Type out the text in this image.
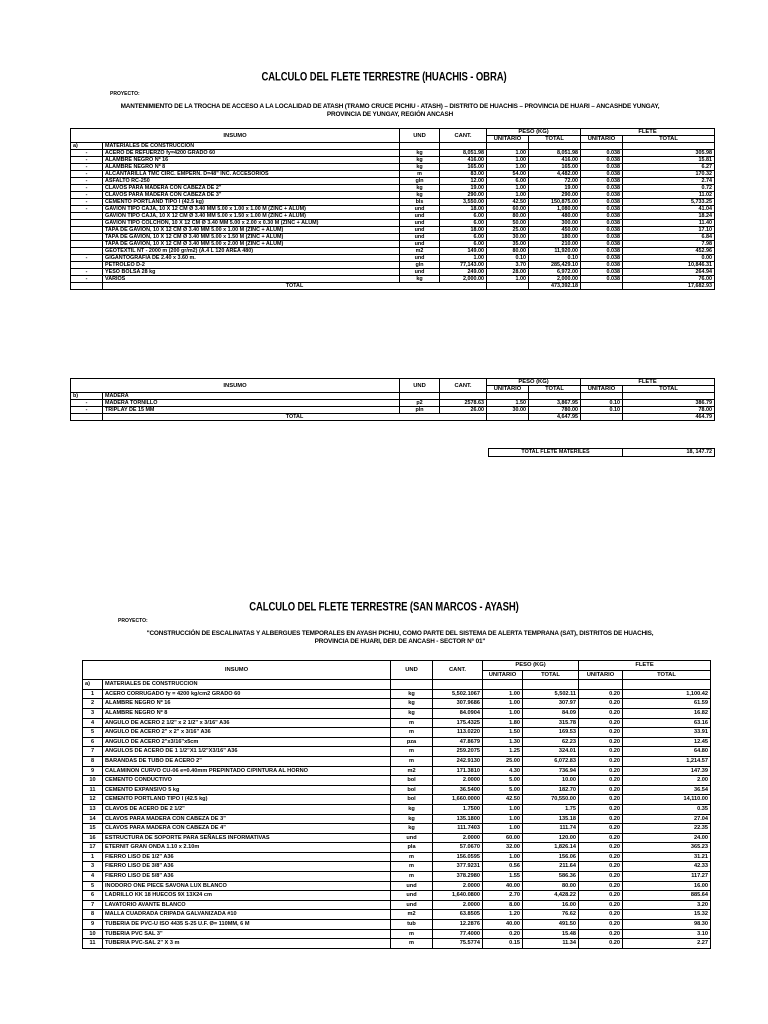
CALCULO DEL FLETE TERRESTRE (HUACHIS - OBRA)
PROYECTO:
MANTENIMIENTO DE LA TROCHA DE ACCESO A LA LOCALIDAD DE ATASH (TRAMO CRUCE PICHIU - ATASH) – DISTRITO DE HUACHIS – PROVINCIA DE HUARI – ANCASHDE YUNGAY,
PROVINCIA DE YUNGAY, REGIÓN ANCASH
INSUMO		UND	CANT.	PESO (KG)		FLETE	
				UNITARIO	TOTAL	UNITARIO	TOTAL
a)	MATERIALES DE CONSTRUCCION						
-	ACERO DE REFUERZO fy=4200 GRADO 60	kg	8,051.98	1.00	8,051.98	0.038	305.98
-	ALAMBRE NEGRO Nº 16	kg	416.00	1.00	416.00	0.038	15.81
-	ALAMBRE NEGRO Nº 8	kg	165.00	1.00	165.00	0.038	6.27
-	ALCANTARILLA TMC CIRC. EMPERN. D=48" INC. ACCESORIOS	m	83.00	54.00	4,482.00	0.038	170.32
-	ASFALTO RC-250	gln	12.00	6.00	72.00	0.038	2.74
-	CLAVOS PARA MADERA CON CABEZA DE 2"	kg	19.00	1.00	19.00	0.038	0.72
-	CLAVOS PARA MADERA CON CABEZA DE 3"	kg	290.00	1.00	290.00	0.038	11.02
-	CEMENTO PORTLAND TIPO I (42.5 kg)	bls	3,550.00	42.50	150,875.00	0.038	5,733.25
-	GAVION TIPO CAJA, 10 X 12 CM Ø 3.40 MM 5.00 x 1.00 x 1.00 M (ZINC + ALUM)	und	18.00	60.00	1,080.00	0.038	41.04
	GAVION TIPO CAJA, 10 X 12 CM Ø 3.40 MM 5.00 x 1.50 x 1.00 M (ZINC + ALUM)	und	6.00	80.00	480.00	0.038	18.24
	GAVION TIPO COLCHON, 10 X 12 CM Ø 3.40 MM 5.00 x 2.00 x 0.30 M (ZINC + ALUM)	und	6.00	50.00	300.00	0.038	11.40
	TAPA DE GAVION, 10 X 12 CM Ø 3.40 MM 5.00 x 1.00 M (ZINC + ALUM)	und	18.00	25.00	450.00	0.038	17.10
	TAPA DE GAVION, 10 X 12 CM Ø 3.40 MM 5.00 x 1.50 M (ZINC + ALUM)	und	6.00	30.00	180.00	0.038	6.84
	TAPA DE GAVION, 10 X 12 CM Ø 3.40 MM 5.00 x 2.00 M (ZINC + ALUM)	und	6.00	35.00	210.00	0.038	7.98
	GEOTEXTIL NT - 2000 m (200 gr/m2) (A.4 L 120 AREA 480)	m2	149.00	80.00	11,920.00	0.038	452.96
-	GIGANTOGRAFIA DE 2.40 x 3.60 m.	und	1.00	0.10	0.10	0.038	0.00
	PETROLEO D-2	gln	77,143.00	3.70	285,429.10	0.038	10,846.31
-	YESO BOLSA 28 kg	und	249.00	28.00	6,972.00	0.038	264.94
-	VARIOS	kg	2,000.00	1.00	2,000.00	0.038	76.00
	TOTAL				473,392.18		17,682.93
INSUMO		UND	CANT.	PESO (KG)		FLETE	
				UNITARIO	TOTAL	UNITARIO	TOTAL
b)	MADERA						
-	MADERA TORNILLO	p2	2578.63	1.50	3,867.95	0.10	386.79
-	TRIPLAY DE 15 MM	pln	26.00	30.00	780.00	0.10	78.00
	TOTAL				4,647.95		464.79
TOTAL FLETE MATERILES	18, 147.72
CALCULO DEL FLETE TERRESTRE (SAN MARCOS - AYASH)
PROYECTO:
"CONSTRUCCIÓN DE ESCALINATAS Y ALBERGUES TEMPORALES EN AYASH PICHIU, COMO PARTE DEL SISTEMA DE ALERTA TEMPRANA (SAT), DISTRITOS DE HUACHIS,
PROVINCIA DE HUARI, DEP. DE ANCASH - SECTOR N° 01"
INSUMO		UND	CANT.	PESO (KG)		FLETE	
				UNITARIO	TOTAL	UNITARIO	TOTAL
a)	MATERIALES DE CONSTRUCCION						
1	ACERO CORRUGADO fy = 4200 kg/cm2 GRADO 60	kg	5,502.1067	1.00	5,502.11	0.20	1,100.42
2	ALAMBRE NEGRO Nº 16	kg	307.9686	1.00	307.97	0.20	61.59
3	ALAMBRE NEGRO Nº 8	kg	84.0904	1.00	84.09	0.20	16.82
4	ANGULO DE ACERO 2 1/2" x 2 1/2" x 3/16" A36	m	175.4325	1.80	315.78	0.20	63.16
5	ANGULO DE ACERO 2" x 2" x 3/16" A36	m	113.0220	1.50	169.53	0.20	33.91
6	ANGULO DE ACERO 2"x3/16"x5cm	pza	47.8679	1.30	62.23	0.20	12.45
7	ANGULOS DE ACERO DE 1 1/2"X1 1/2"X3/16" A36	m	259.2075	1.25	324.01	0.20	64.80
8	BARANDAS DE TUBO DE ACERO 2"	m	242.9130	25.00	6,072.83	0.20	1,214.57
9	CALAMINON CURVO CU-06 e=0.40mm PREPINTADO C/PINTURA AL HORNO	m2	171.3810	4.30	736.94	0.20	147.39
10	CEMENTO CONDUCTIVO	bol	2.0000	5.00	10.00	0.20	2.00
11	CEMENTO EXPANSIVO 5 kg	bol	36.5400	5.00	182.70	0.20	36.54
12	CEMENTO PORTLAND TIPO I (42.5 kg)	bol	1,660.0000	42.50	70,550.00	0.20	14,110.00
13	CLAVOS DE ACERO DE 2 1/2"	kg	1.7500	1.00	1.75	0.20	0.35
14	CLAVOS PARA MADERA CON CABEZA DE 3"	kg	135.1800	1.00	135.18	0.20	27.04
15	CLAVOS PARA MADERA CON CABEZA DE 4"	kg	111.7403	1.00	111.74	0.20	22.35
16	ESTRUCTURA DE SOPORTE PARA SEÑALES INFORMATIVAS	und	2.0000	60.00	120.00	0.20	24.00
17	ETERNIT GRAN ONDA 1.10 x 2.10m	pla	57.0670	32.00	1,826.14	0.20	365.23
1	FIERRO LISO DE 1/2" A36	m	156.0595	1.00	156.06	0.20	31.21
3	FIERRO LISO DE 3/8" A36	m	377.9231	0.56	211.64	0.20	42.33
4	FIERRO LISO DE 5/8" A36	m	378.2980	1.55	586.36	0.20	117.27
5	INODORO ONE PIECE SAVONA LUX BLANCO	und	2.0000	40.00	80.00	0.20	16.00
6	LADRILLO KK 18 HUECOS 9X 13X24 cm	und	1,640.0800	2.70	4,428.22	0.20	885.64
7	LAVATORIO AVANTE BLANCO	und	2.0000	8.00	16.00	0.20	3.20
8	MALLA CUADRADA CRIPADA GALVANIZADA #10	m2	63.8505	1.20	76.62	0.20	15.32
9	TUBERIA DE PVC-U ISO 4435 S-25 U.F. Ø= 110MM, 6 M	tub	12.2876	40.00	491.50	0.20	98.30
10	TUBERIA PVC SAL 3"	m	77.4000	0.20	15.48	0.20	3.10
11	TUBERIA PVC-SAL 2" X 3 m	m	75.5774	0.15	11.34	0.20	2.27
